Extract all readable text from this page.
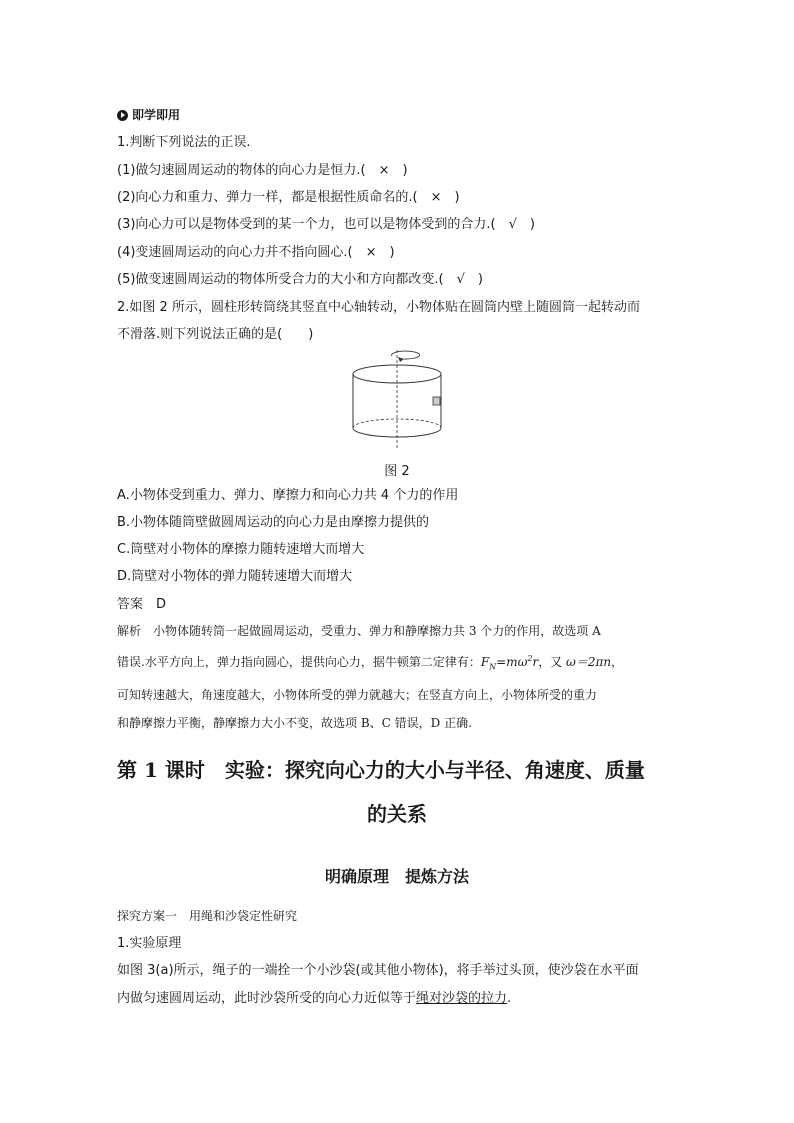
即学即用
1.判断下列说法的正误.
(1)做匀速圆周运动的物体的向心力是恒力.(　×　)
(2)向心力和重力、弹力一样，都是根据性质命名的.(　×　)
(3)向心力可以是物体受到的某一个力，也可以是物体受到的合力.(　√　)
(4)变速圆周运动的向心力并不指向圆心.(　×　)
(5)做变速圆周运动的物体所受合力的大小和方向都改变.(　√　)
2.如图 2 所示，圆柱形转筒绕其竖直中心轴转动，小物体贴在圆筒内壁上随圆筒一起转动而
不滑落.则下列说法正确的是(　　)
图 2
A.小物体受到重力、弹力、摩擦力和向心力共 4 个力的作用
B.小物体随筒壁做圆周运动的向心力是由摩擦力提供的
C.筒壁对小物体的摩擦力随转速增大而增大
D.筒壁对小物体的弹力随转速增大而增大
答案　D
解析　小物体随转筒一起做圆周运动，受重力、弹力和静摩擦力共 3 个力的作用，故选项 A
错误.水平方向上，弹力指向圆心，提供向心力，据牛顿第二定律有：$F_N=m\omega^2r$，又 ω＝2πn，
可知转速越大，角速度越大，小物体所受的弹力就越大；在竖直方向上，小物体所受的重力
和静摩擦力平衡，静摩擦力大小不变，故选项 B、C 错误，D 正确.
第 1 课时　实验：探究向心力的大小与半径、角速度、质量
的关系
明确原理　提炼方法
探究方案一　用绳和沙袋定性研究
1.实验原理
如图 3(a)所示，绳子的一端拴一个小沙袋(或其他小物体)，将手举过头顶，使沙袋在水平面
内做匀速圆周运动，此时沙袋所受的向心力近似等于绳对沙袋的拉力.
